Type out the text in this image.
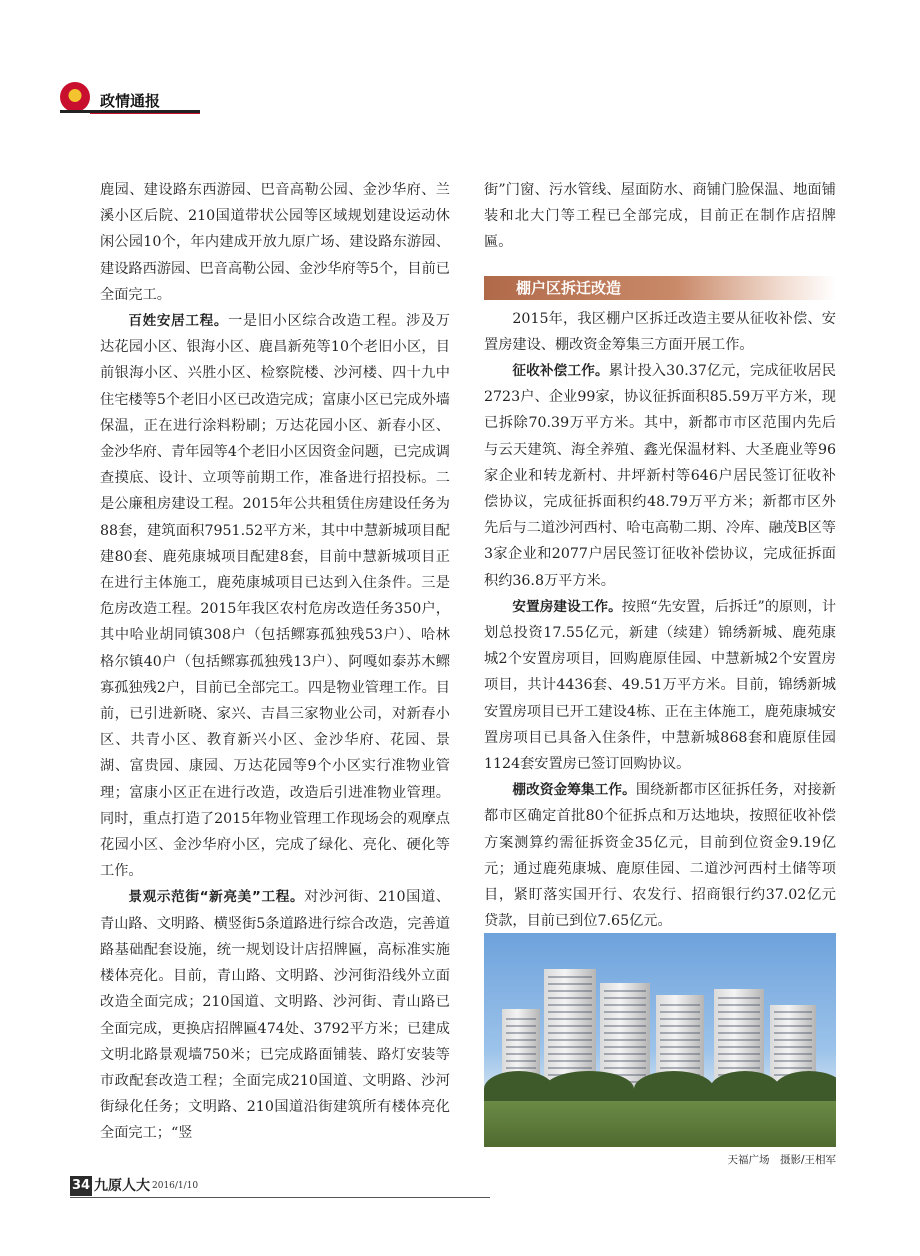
★
政情通报

鹿园、建设路东西游园、巴音高勒公园、金沙华府、兰溪小区后院、210国道带状公园等区域规划建设运动休闲公园10个，年内建成开放九原广场、建设路东游园、建设路西游园、巴音高勒公园、金沙华府等5个，目前已全面完工。

百姓安居工程。一是旧小区综合改造工程。涉及万达花园小区、银海小区、鹿昌新苑等10个老旧小区，目前银海小区、兴胜小区、检察院楼、沙河楼、四十九中住宅楼等5个老旧小区已改造完成；富康小区已完成外墙保温，正在进行涂料粉刷；万达花园小区、新春小区、金沙华府、青年园等4个老旧小区因资金问题，已完成调查摸底、设计、立项等前期工作，准备进行招投标。二是公廉租房建设工程。2015年公共租赁住房建设任务为88套，建筑面积7951.52平方米，其中中慧新城项目配建80套、鹿苑康城项目配建8套，目前中慧新城项目正在进行主体施工，鹿苑康城项目已达到入住条件。三是危房改造工程。2015年我区农村危房改造任务350户，其中哈业胡同镇308户（包括鳏寡孤独残53户）、哈林格尔镇40户（包括鳏寡孤独残13户）、阿嘎如泰苏木鳏寡孤独残2户，目前已全部完工。四是物业管理工作。目前，已引进新晓、家兴、吉昌三家物业公司，对新春小区、共青小区、教育新兴小区、金沙华府、花园、景湖、富贵园、康园、万达花园等9个小区实行准物业管理；富康小区正在进行改造，改造后引进准物业管理。同时，重点打造了2015年物业管理工作现场会的观摩点花园小区、金沙华府小区，完成了绿化、亮化、硬化等工作。

景观示范街“新亮美”工程。对沙河街、210国道、青山路、文明路、横竖街5条道路进行综合改造，完善道路基础配套设施，统一规划设计店招牌匾，高标准实施楼体亮化。目前，青山路、文明路、沙河街沿线外立面改造全面完成；210国道、文明路、沙河街、青山路已全面完成，更换店招牌匾474处、3792平方米；已建成文明北路景观墙750米；已完成路面铺装、路灯安装等市政配套改造工程；全面完成210国道、文明路、沙河街绿化任务；文明路、210国道沿街建筑所有楼体亮化全面完工；“竖

街”门窗、污水管线、屋面防水、商铺门脸保温、地面铺装和北大门等工程已全部完成，目前正在制作店招牌匾。

棚户区拆迁改造

2015年，我区棚户区拆迁改造主要从征收补偿、安置房建设、棚改资金筹集三方面开展工作。

征收补偿工作。累计投入30.37亿元，完成征收居民2723户、企业99家，协议征拆面积85.59万平方米，现已拆除70.39万平方米。其中，新都市市区范围内先后与云天建筑、海全养殖、鑫光保温材料、大圣鹿业等96家企业和转龙新村、井坪新村等646户居民签订征收补偿协议，完成征拆面积约48.79万平方米；新都市区外先后与二道沙河西村、哈屯高勒二期、冷库、融茂B区等3家企业和2077户居民签订征收补偿协议，完成征拆面积约36.8万平方米。

安置房建设工作。按照“先安置，后拆迁”的原则，计划总投资17.55亿元，新建（续建）锦绣新城、鹿苑康城2个安置房项目，回购鹿原佳园、中慧新城2个安置房项目，共计4436套、49.51万平方米。目前，锦绣新城安置房项目已开工建设4栋、正在主体施工，鹿苑康城安置房项目已具备入住条件，中慧新城868套和鹿原佳园1124套安置房已签订回购协议。

棚改资金筹集工作。围绕新都市区征拆任务，对接新都市区确定首批80个征拆点和万达地块，按照征收补偿方案测算约需征拆资金35亿元，目前到位资金9.19亿元；通过鹿苑康城、鹿原佳园、二道沙河西村土储等项目，紧盯落实国开行、农发行、招商银行约37.02亿元贷款，目前已到位7.65亿元。

天福广场　摄影/王相军
34 九原人大 2016/1/10
